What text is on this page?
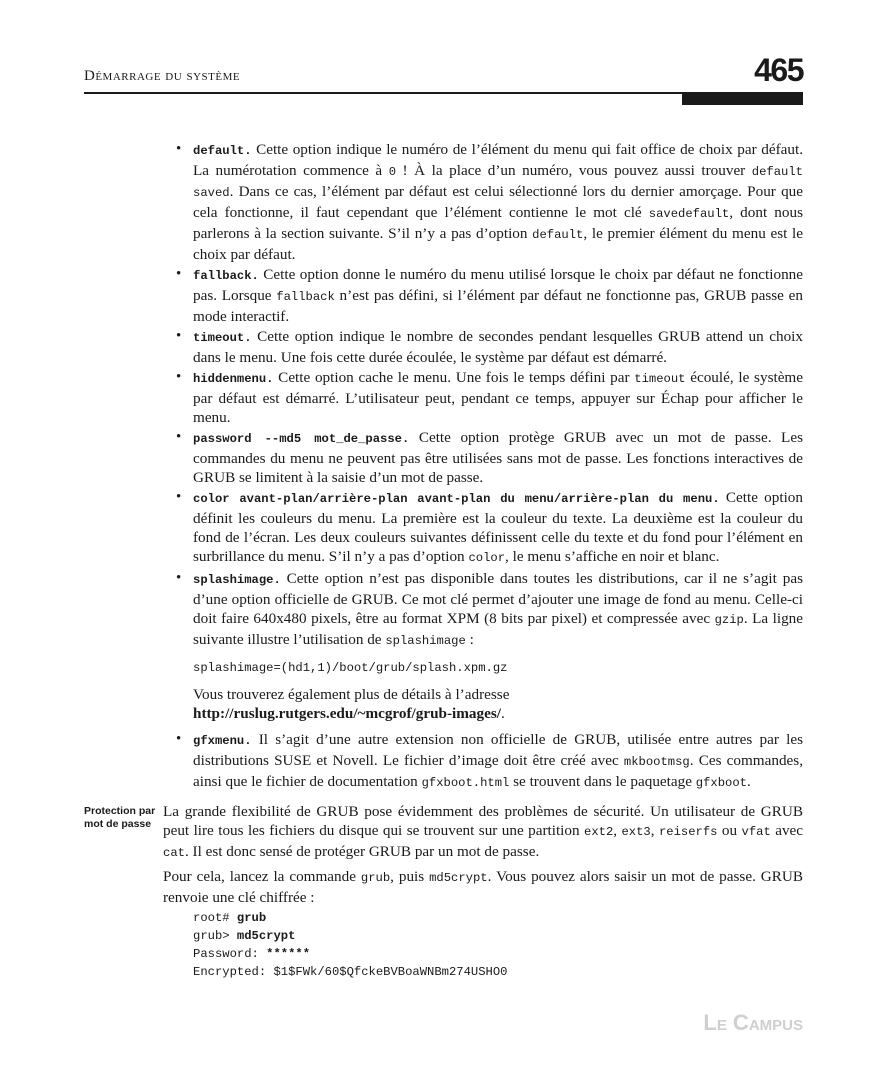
Démarrage du système	465
• default. Cette option indique le numéro de l’élément du menu qui fait office de choix par défaut. La numérotation commence à 0 ! À la place d’un numéro, vous pouvez aussi trouver default saved. Dans ce cas, l’élément par défaut est celui sélectionné lors du dernier amorçage. Pour que cela fonctionne, il faut cependant que l’élément contienne le mot clé savedefault, dont nous parlerons à la section suivante. S’il n’y a pas d’option default, le premier élément du menu est le choix par défaut.
• fallback. Cette option donne le numéro du menu utilisé lorsque le choix par défaut ne fonctionne pas. Lorsque fallback n’est pas défini, si l’élément par défaut ne fonctionne pas, GRUB passe en mode interactif.
• timeout. Cette option indique le nombre de secondes pendant lesquelles GRUB attend un choix dans le menu. Une fois cette durée écoulée, le système par défaut est démarré.
• hiddenmenu. Cette option cache le menu. Une fois le temps défini par timeout écoulé, le système par défaut est démarré. L’utilisateur peut, pendant ce temps, appuyer sur Échap pour afficher le menu.
• password --md5 mot_de_passe. Cette option protège GRUB avec un mot de passe. Les commandes du menu ne peuvent pas être utilisées sans mot de passe. Les fonctions interactives de GRUB se limitent à la saisie d’un mot de passe.
• color avant-plan/arrière-plan avant-plan du menu/arrière-plan du menu. Cette option définit les couleurs du menu. La première est la couleur du texte. La deuxième est la couleur du fond de l’écran. Les deux couleurs suivantes définissent celle du texte et du fond pour l’élément en surbrillance du menu. S’il n’y a pas d’option color, le menu s’affiche en noir et blanc.
• splashimage. Cette option n’est pas disponible dans toutes les distributions, car il ne s’agit pas d’une option officielle de GRUB. Ce mot clé permet d’ajouter une image de fond au menu. Celle-ci doit faire 640x480 pixels, être au format XPM (8 bits par pixel) et compressée avec gzip. La ligne suivante illustre l’utilisation de splashimage :
splashimage=(hd1,1)/boot/grub/splash.xpm.gz
Vous trouverez également plus de détails à l’adresse
http://ruslug.rutgers.edu/~mcgrof/grub-images/.
• gfxmenu. Il s’agit d’une autre extension non officielle de GRUB, utilisée entre autres par les distributions SUSE et Novell. Le fichier d’image doit être créé avec mkbootmsg. Ces commandes, ainsi que le fichier de documentation gfxboot.html se trouvent dans le paquetage gfxboot.
Protection par mot de passe

La grande flexibilité de GRUB pose évidemment des problèmes de sécurité. Un utilisateur de GRUB peut lire tous les fichiers du disque qui se trouvent sur une partition ext2, ext3, reiserfs ou vfat avec cat. Il est donc sensé de protéger GRUB par un mot de passe.

Pour cela, lancez la commande grub, puis md5crypt. Vous pouvez alors saisir un mot de passe. GRUB renvoie une clé chiffrée :

root# grub
grub> md5crypt
Password: ******
Encrypted: $1$FWk/60$QfckeBVBoaWNBm274USHO0
Le Campus
